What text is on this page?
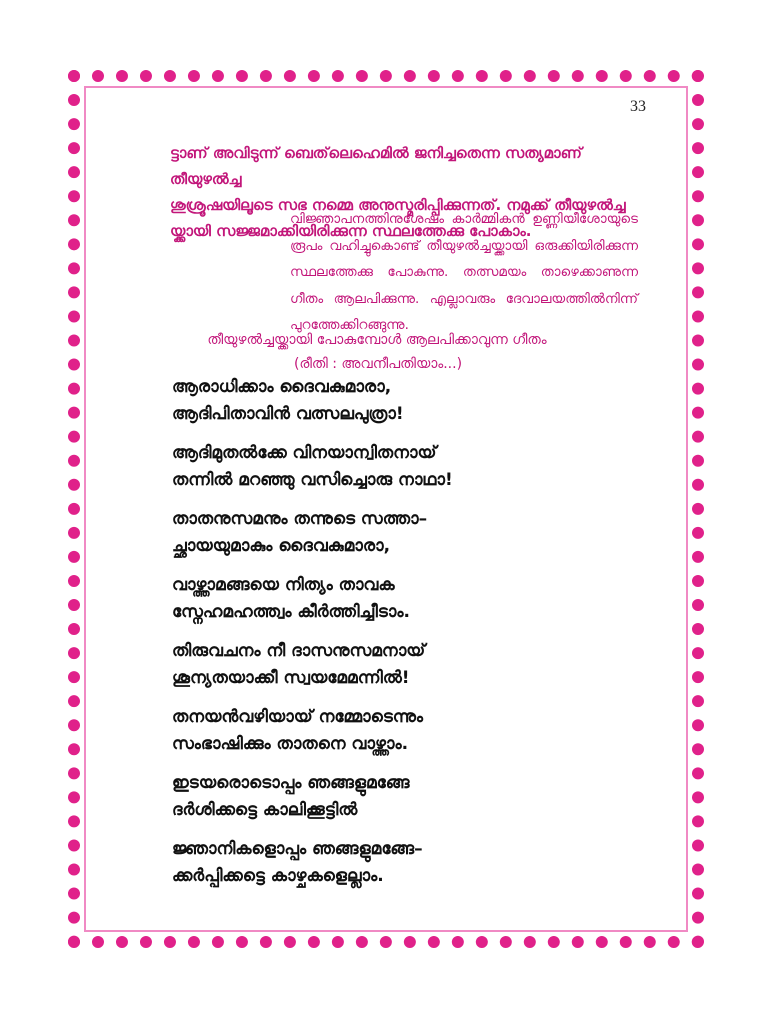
33
ട്ടാണ് അവിടുന്ന് ബെത്‌ലെഹെമിൽ ജനിച്ചതെന്ന സത്യമാണ് തീയുഴൽച്ച
ശുശ്രൂഷയിലൂടെ സഭ നമ്മെ അനുസ്മരിപ്പിക്കുന്നത്. നമുക്ക് തീയുഴൽച്ച
യ്ക്കായി സജ്ജമാക്കിയിരിക്കുന്ന സ്ഥലത്തേക്കു പോകാം.
വിജ്ഞാപനത്തിനുശേഷം കാർമ്മികൻ ഉണ്ണിയീശോയുടെ രൂപം വഹിച്ചുകൊണ്ട് തീയുഴൽച്ചയ്ക്കായി ഒരുക്കിയിരിക്കുന്ന സ്ഥലത്തേക്കു പോകുന്നു. തത്സമയം താഴെക്കാണുന്ന ഗീതം ആലപിക്കുന്നു. എല്ലാവരും ദേവാലയത്തിൽനിന്ന് പുറത്തേക്കിറങ്ങുന്നു.
തീയുഴൽച്ചയ്ക്കായി പോകുമ്പോൾ ആലപിക്കാവുന്ന ഗീതം
(രീതി : അവനീപതിയാം...)
ആരാധിക്കാം ദൈവകുമാരാ,
ആദിപിതാവിൻ വത്സലപുത്രാ!
ആദിമുതൽക്കേ വിനയാന്വിതനായ്
തന്നിൽ മറഞ്ഞു വസിച്ചൊരു നാഥാ!
താതനുസമനും തന്നുടെ സത്താ–
ച്ഛായയുമാകും ദൈവകുമാരാ,
വാഴ്ത്താമങ്ങയെ നിത്യം താവക
സ്നേഹമഹത്ത്വം കീർത്തിച്ചീടാം.
തിരുവചനം നീ ദാസനുസമനായ്
ശൂന്യതയാക്കീ സ്വയമേമന്നിൽ!
തനയൻവഴിയായ് നമ്മോടെന്നും
സംഭാഷിക്കും താതനെ വാഴ്ത്താം.
ഇടയരൊടൊപ്പം ഞങ്ങളുമങ്ങേ
ദർശിക്കട്ടെ കാലിക്കൂട്ടിൽ
ജ്ഞാനികളൊപ്പം ഞങ്ങളുമങ്ങേ–
ക്കർപ്പിക്കട്ടെ കാഴ്ചകളെല്ലാം.
